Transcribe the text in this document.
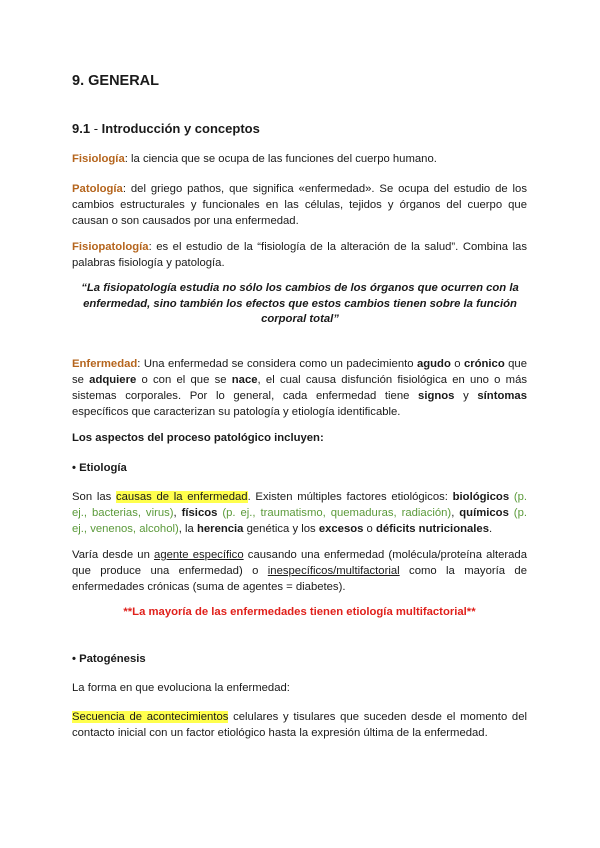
9. GENERAL
9.1 - Introducción y conceptos

Fisiología: la ciencia que se ocupa de las funciones del cuerpo humano.

Patología: del griego pathos, que significa «enfermedad». Se ocupa del estudio de los cambios estructurales y funcionales en las células, tejidos y órganos del cuerpo que causan o son causados por una enfermedad.

Fisiopatología: es el estudio de la “fisiología de la alteración de la salud”. Combina las palabras fisiología y patología.

“La fisiopatología estudia no sólo los cambios de los órganos que ocurren con la enfermedad, sino también los efectos que estos cambios tienen sobre la función corporal total”

Enfermedad: Una enfermedad se considera como un padecimiento agudo o crónico que se adquiere o con el que se nace, el cual causa disfunción fisiológica en uno o más sistemas corporales. Por lo general, cada enfermedad tiene signos y síntomas específicos que caracterizan su patología y etiología identificable.

Los aspectos del proceso patológico incluyen:

• Etiología

Son las causas de la enfermedad. Existen múltiples factores etiológicos: biológicos (p. ej., bacterias, virus), físicos (p. ej., traumatismo, quemaduras, radiación), químicos (p. ej., venenos, alcohol), la herencia genética y los excesos o déficits nutricionales.

Varía desde un agente específico causando una enfermedad (molécula/proteína alterada que produce una enfermedad) o inespecíficos/multifactorial como la mayoría de enfermedades crónicas (suma de agentes = diabetes).

**La mayoría de las enfermedades tienen etiología multifactorial**

• Patogénesis

La forma en que evoluciona la enfermedad:

Secuencia de acontecimientos celulares y tisulares que suceden desde el momento del contacto inicial con un factor etiológico hasta la expresión última de la enfermedad.
